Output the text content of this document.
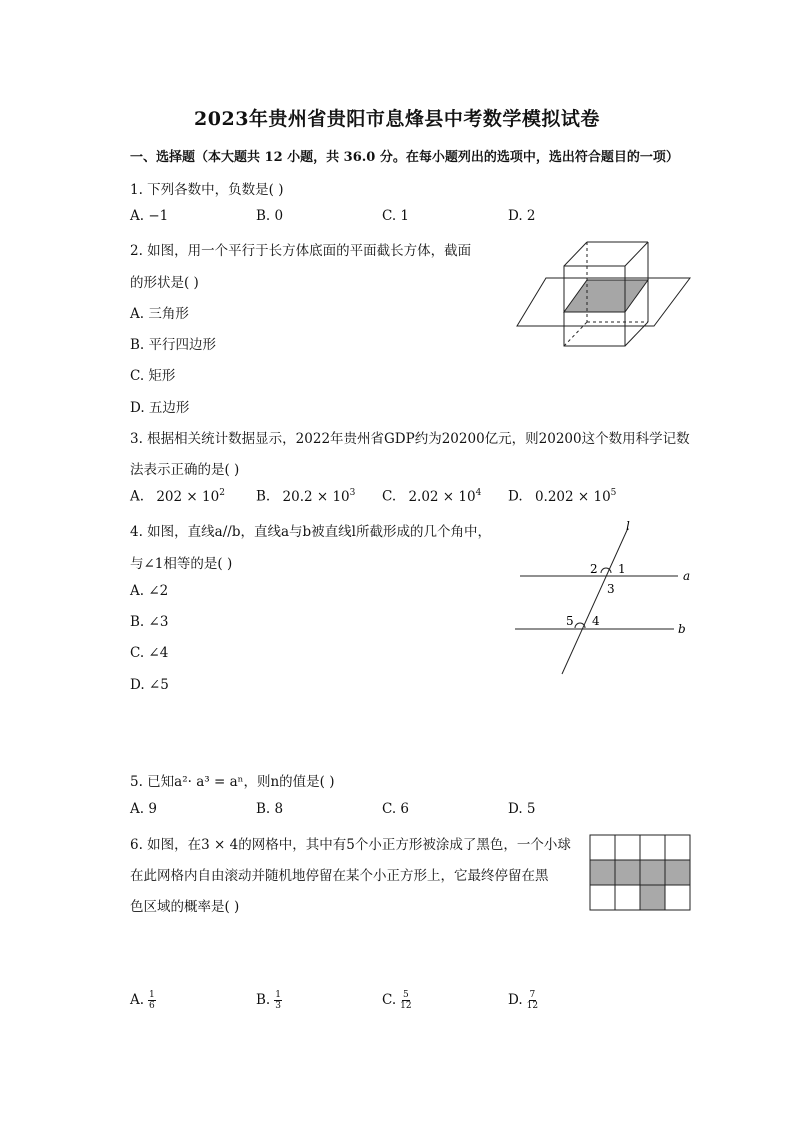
2023年贵州省贵阳市息烽县中考数学模拟试卷
一、选择题（本大题共 12 小题，共 36.0 分。在每小题列出的选项中，选出符合题目的一项）
1. 下列各数中，负数是( )
A. −1	B. 0	C. 1	D. 2
2. 如图，用一个平行于长方体底面的平面截长方体，截面
的形状是( )
A. 三角形
B. 平行四边形
C. 矩形
D. 五边形
3. 根据相关统计数据显示，2022年贵州省GDP约为20200亿元，则20200这个数用科学记数
法表示正确的是( )
A. $202 \times 10^2$ B. $20.2 \times 10^3$ C. $2.02 \times 10^4$ D. $0.202 \times 10^5$
4. 如图，直线a//b，直线a与b被直线l所截形成的几个角中，
与∠1相等的是( )
A. ∠2
B. ∠3
C. ∠4
D. ∠5
l
a
b
2 1
3
5 4
5. 已知a²· a³ = aⁿ，则n的值是( )
A. 9	B. 8	C. 6	D. 5
6. 如图，在3 × 4的网格中，其中有5个小正方形被涂成了黑色，一个小球
在此网格内自由滚动并随机地停留在某个小正方形上，它最终停留在黑
色区域的概率是( )
A. $\frac{1}{6}$	B. $\frac{1}{3}$	C. $\frac{5}{12}$	D. $\frac{7}{12}$
